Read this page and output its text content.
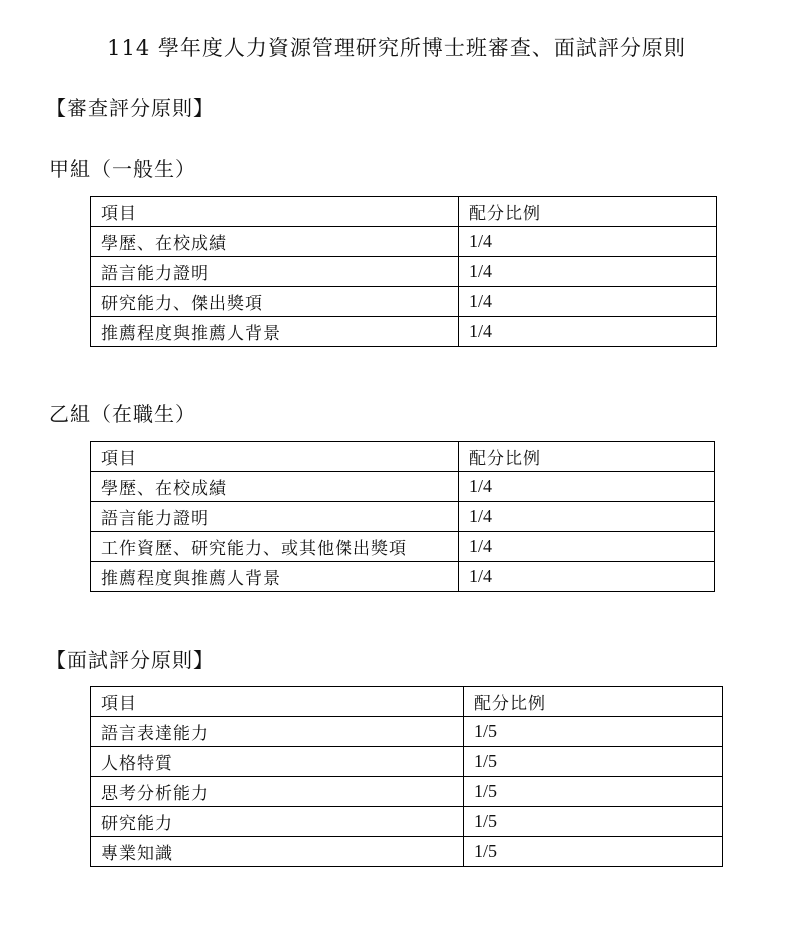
114 學年度人力資源管理研究所博士班審查、面試評分原則
【審查評分原則】
甲組（一般生）
項目	配分比例
學歷、在校成績	1/4
語言能力證明	1/4
研究能力、傑出獎項	1/4
推薦程度與推薦人背景	1/4
乙組（在職生）
項目	配分比例
學歷、在校成績	1/4
語言能力證明	1/4
工作資歷、研究能力、或其他傑出獎項	1/4
推薦程度與推薦人背景	1/4
【面試評分原則】
項目	配分比例
語言表達能力	1/5
人格特質	1/5
思考分析能力	1/5
研究能力	1/5
專業知識	1/5
